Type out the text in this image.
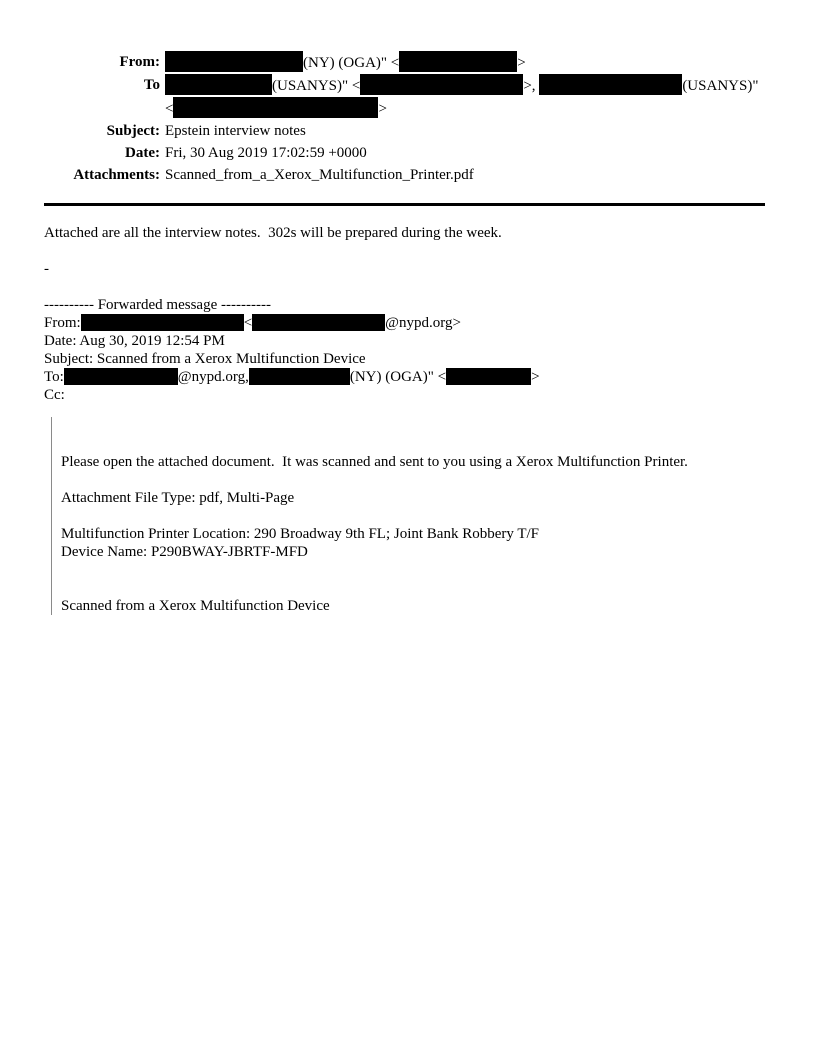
From:	(NY) (OGA)" <	>
To	(USANYS)" <	>,	(USANYS)"
<	>
Subject: Epstein interview notes
Date: Fri, 30 Aug 2019 17:02:59 +0000
Attachments: Scanned_from_a_Xerox_Multifunction_Printer.pdf
Attached are all the interview notes.  302s will be prepared during the week.
-
---------- Forwarded message ----------
From:	<	@nypd.org>
Date: Aug 30, 2019 12:54 PM
Subject: Scanned from a Xerox Multifunction Device
To:	@nypd.org,	(NY) (OGA)" <	>
Cc:
Please open the attached document.  It was scanned and sent to you using a Xerox Multifunction Printer.
Attachment File Type: pdf, Multi-Page
Multifunction Printer Location: 290 Broadway 9th FL; Joint Bank Robbery T/F
Device Name: P290BWAY-JBRTF-MFD
Scanned from a Xerox Multifunction Device
